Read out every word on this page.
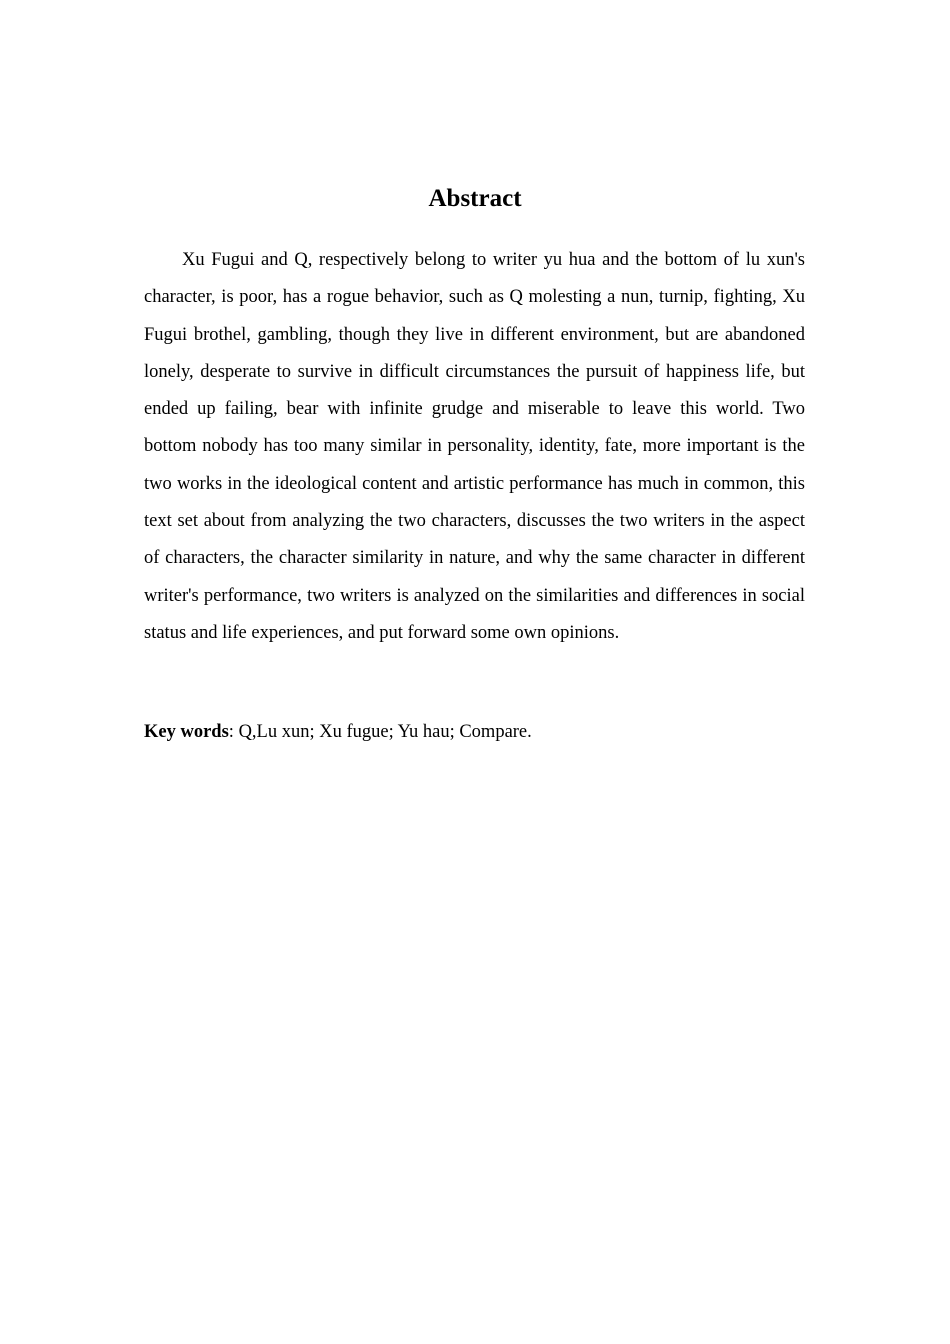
Abstract

Xu Fugui and Q, respectively belong to writer yu hua and the bottom of lu xun's character, is poor, has a rogue behavior, such as Q molesting a nun, turnip, fighting, Xu Fugui brothel, gambling, though they live in different environment, but are abandoned lonely, desperate to survive in difficult circumstances the pursuit of happiness life, but ended up failing, bear with infinite grudge and miserable to leave this world. Two bottom nobody has too many similar in personality, identity, fate, more important is the two works in the ideological content and artistic performance has much in common, this text set about from analyzing the two characters, discusses the two writers in the aspect of characters, the character similarity in nature, and why the same character in different writer's performance, two writers is analyzed on the similarities and differences in social status and life experiences, and put forward some own opinions.

Key words: Q,Lu xun; Xu fugue; Yu hau; Compare.
